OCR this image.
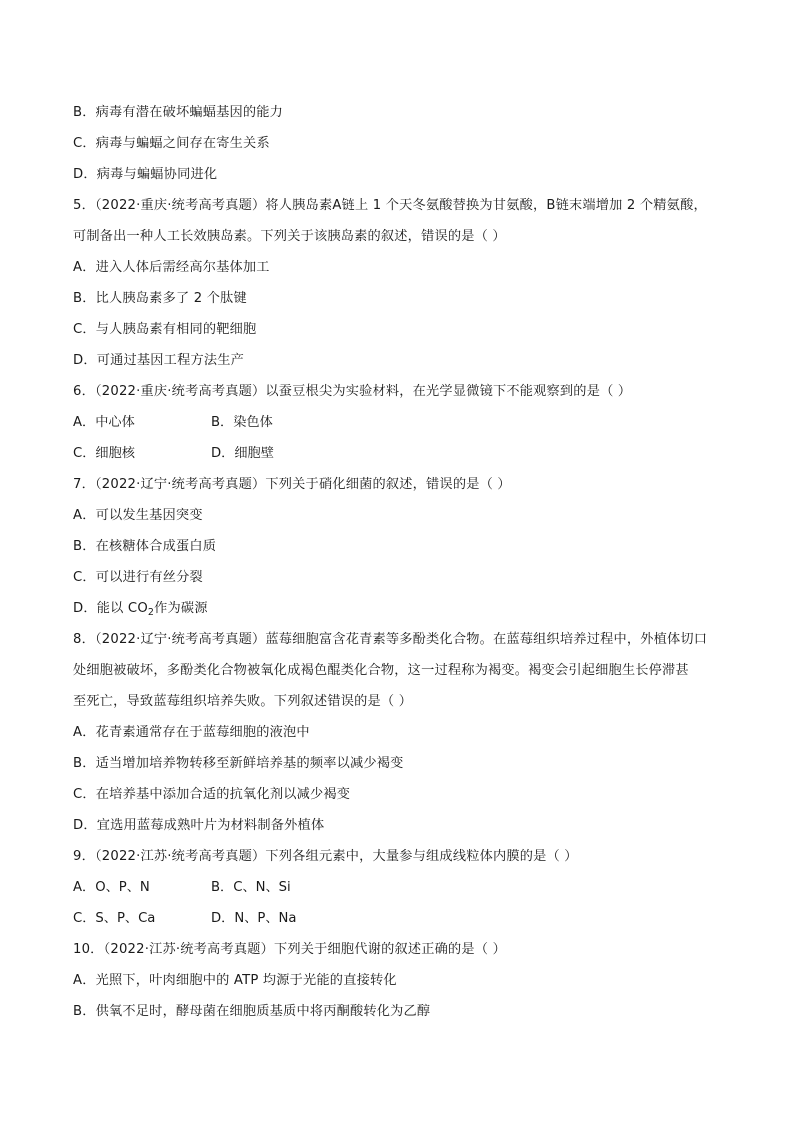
B．病毒有潜在破坏蝙蝠基因的能力
C．病毒与蝙蝠之间存在寄生关系
D．病毒与蝙蝠协同进化
5．（2022·重庆·统考高考真题）将人胰岛素A链上 1 个天冬氨酸替换为甘氨酸，B链末端增加 2 个精氨酸，
可制备出一种人工长效胰岛素。下列关于该胰岛素的叙述，错误的是（ ）
A．进入人体后需经高尔基体加工
B．比人胰岛素多了 2 个肽键
C．与人胰岛素有相同的靶细胞
D．可通过基因工程方法生产
6．（2022·重庆·统考高考真题）以蚕豆根尖为实验材料，在光学显微镜下不能观察到的是（ ）
A．中心体	B．染色体
C．细胞核	D．细胞壁
7．（2022·辽宁·统考高考真题）下列关于硝化细菌的叙述，错误的是（ ）
A．可以发生基因突变
B．在核糖体合成蛋白质
C．可以进行有丝分裂
D．能以 $CO_2$作为碳源
8．（2022·辽宁·统考高考真题）蓝莓细胞富含花青素等多酚类化合物。在蓝莓组织培养过程中，外植体切口
处细胞被破坏，多酚类化合物被氧化成褐色醌类化合物，这一过程称为褐变。褐变会引起细胞生长停滞甚
至死亡，导致蓝莓组织培养失败。下列叙述错误的是（ ）
A．花青素通常存在于蓝莓细胞的液泡中
B．适当增加培养物转移至新鲜培养基的频率以减少褐变
C．在培养基中添加合适的抗氧化剂以减少褐变
D．宜选用蓝莓成熟叶片为材料制备外植体
9．（2022·江苏·统考高考真题）下列各组元素中，大量参与组成线粒体内膜的是（ ）
A．O、P、N	B．C、N、Si
C．S、P、Ca	D．N、P、Na
10．（2022·江苏·统考高考真题）下列关于细胞代谢的叙述正确的是（ ）
A．光照下，叶肉细胞中的 ATP 均源于光能的直接转化
B．供氧不足时，酵母菌在细胞质基质中将丙酮酸转化为乙醇
